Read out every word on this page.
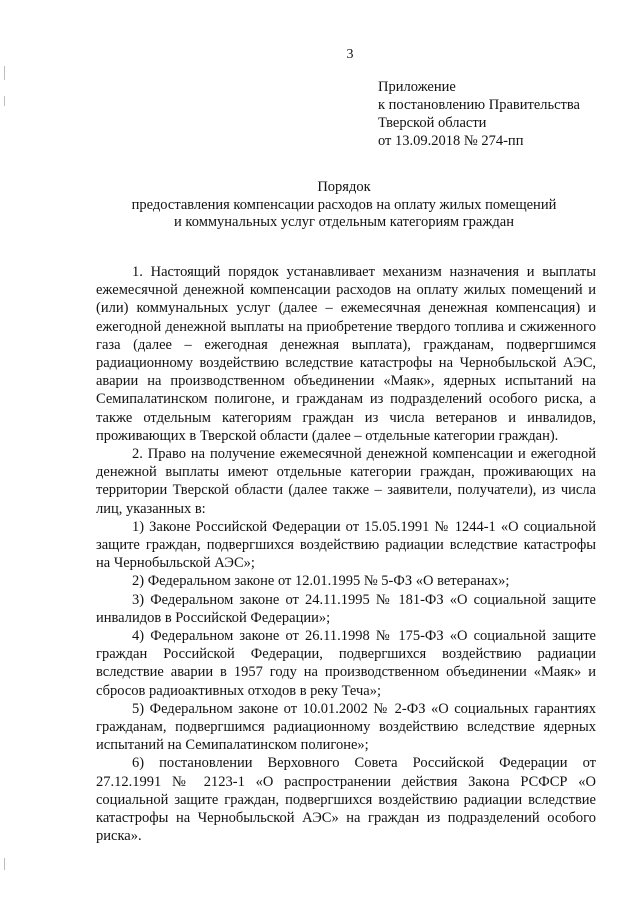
3
Приложение
к постановлению Правительства
Тверской области
от 13.09.2018 № 274-пп
Порядок
предоставления компенсации расходов на оплату жилых помещений
и коммунальных услуг отдельным категориям граждан

1. Настоящий порядок устанавливает механизм назначения и выплаты ежемесячной денежной компенсации расходов на оплату жилых помещений и (или) коммунальных услуг (далее – ежемесячная денежная компенсация) и ежегодной денежной выплаты на приобретение твердого топлива и сжиженного газа (далее – ежегодная денежная выплата), гражданам, подвергшимся радиационному воздействию вследствие катастрофы на Чернобыльской АЭС, аварии на производственном объединении «Маяк», ядерных испытаний на Семипалатинском полигоне, и гражданам из подразделений особого риска, а также отдельным категориям граждан из числа ветеранов и инвалидов, проживающих в Тверской области (далее – отдельные категории граждан).

2. Право на получение ежемесячной денежной компенсации и ежегодной денежной выплаты имеют отдельные категории граждан, проживающих на территории Тверской области (далее также – заявители, получатели), из числа лиц, указанных в:

1) Законе Российской Федерации от 15.05.1991 № 1244-1 «О социальной защите граждан, подвергшихся воздействию радиации вследствие катастрофы на Чернобыльской АЭС»;

2) Федеральном законе от 12.01.1995 № 5-ФЗ «О ветеранах»;

3) Федеральном законе от 24.11.1995 № 181-ФЗ «О социальной защите инвалидов в Российской Федерации»;

4) Федеральном законе от 26.11.1998 № 175-ФЗ «О социальной защите граждан Российской Федерации, подвергшихся воздействию радиации вследствие аварии в 1957 году на производственном объединении «Маяк» и сбросов радиоактивных отходов в реку Теча»;

5) Федеральном законе от 10.01.2002 № 2-ФЗ «О социальных гарантиях гражданам, подвергшимся радиационному воздействию вследствие ядерных испытаний на Семипалатинском полигоне»;

6) постановлении Верховного Совета Российской Федерации от 27.12.1991 № 2123-1 «О распространении действия Закона РСФСР «О социальной защите граждан, подвергшихся воздействию радиации вследствие катастрофы на Чернобыльской АЭС» на граждан из подразделений особого риска».
